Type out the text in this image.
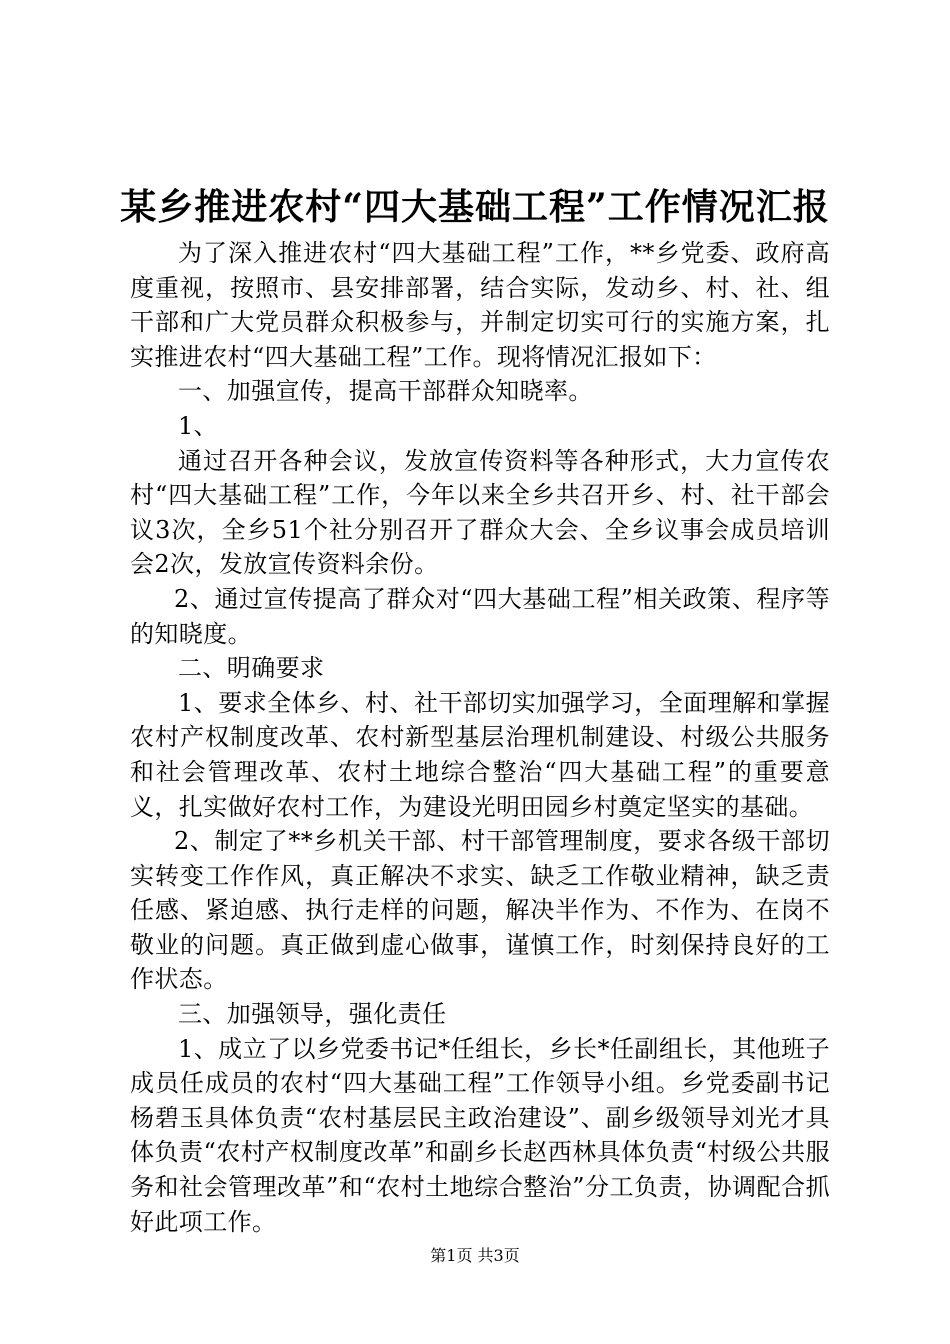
某乡推进农村“四大基础工程”工作情况汇报

为了深入推进农村“四大基础工程”工作，**乡党委、政府高度重视，按照市、县安排部署，结合实际，发动乡、村、社、组干部和广大党员群众积极参与，并制定切实可行的实施方案，扎实推进农村“四大基础工程”工作。现将情况汇报如下：

一、加强宣传，提高干部群众知晓率。

1、

通过召开各种会议，发放宣传资料等各种形式，大力宣传农村“四大基础工程”工作，今年以来全乡共召开乡、村、社干部会议3次，全乡51个社分别召开了群众大会、全乡议事会成员培训会2次，发放宣传资料余份。

2、通过宣传提高了群众对“四大基础工程”相关政策、程序等的知晓度。

二、明确要求

1、要求全体乡、村、社干部切实加强学习，全面理解和掌握农村产权制度改革、农村新型基层治理机制建设、村级公共服务和社会管理改革、农村土地综合整治“四大基础工程”的重要意义，扎实做好农村工作，为建设光明田园乡村奠定坚实的基础。

2、制定了**乡机关干部、村干部管理制度，要求各级干部切实转变工作作风，真正解决不求实、缺乏工作敬业精神，缺乏责任感、紧迫感、执行走样的问题，解决半作为、不作为、在岗不敬业的问题。真正做到虚心做事，谨慎工作，时刻保持良好的工作状态。

三、加强领导，强化责任

1、成立了以乡党委书记*任组长，乡长*任副组长，其他班子成员任成员的农村“四大基础工程”工作领导小组。乡党委副书记杨碧玉具体负责“农村基层民主政治建设”、副乡级领导刘光才具体负责“农村产权制度改革”和副乡长赵西林具体负责“村级公共服务和社会管理改革”和“农村土地综合整治”分工负责，协调配合抓好此项工作。

第1页 共3页
